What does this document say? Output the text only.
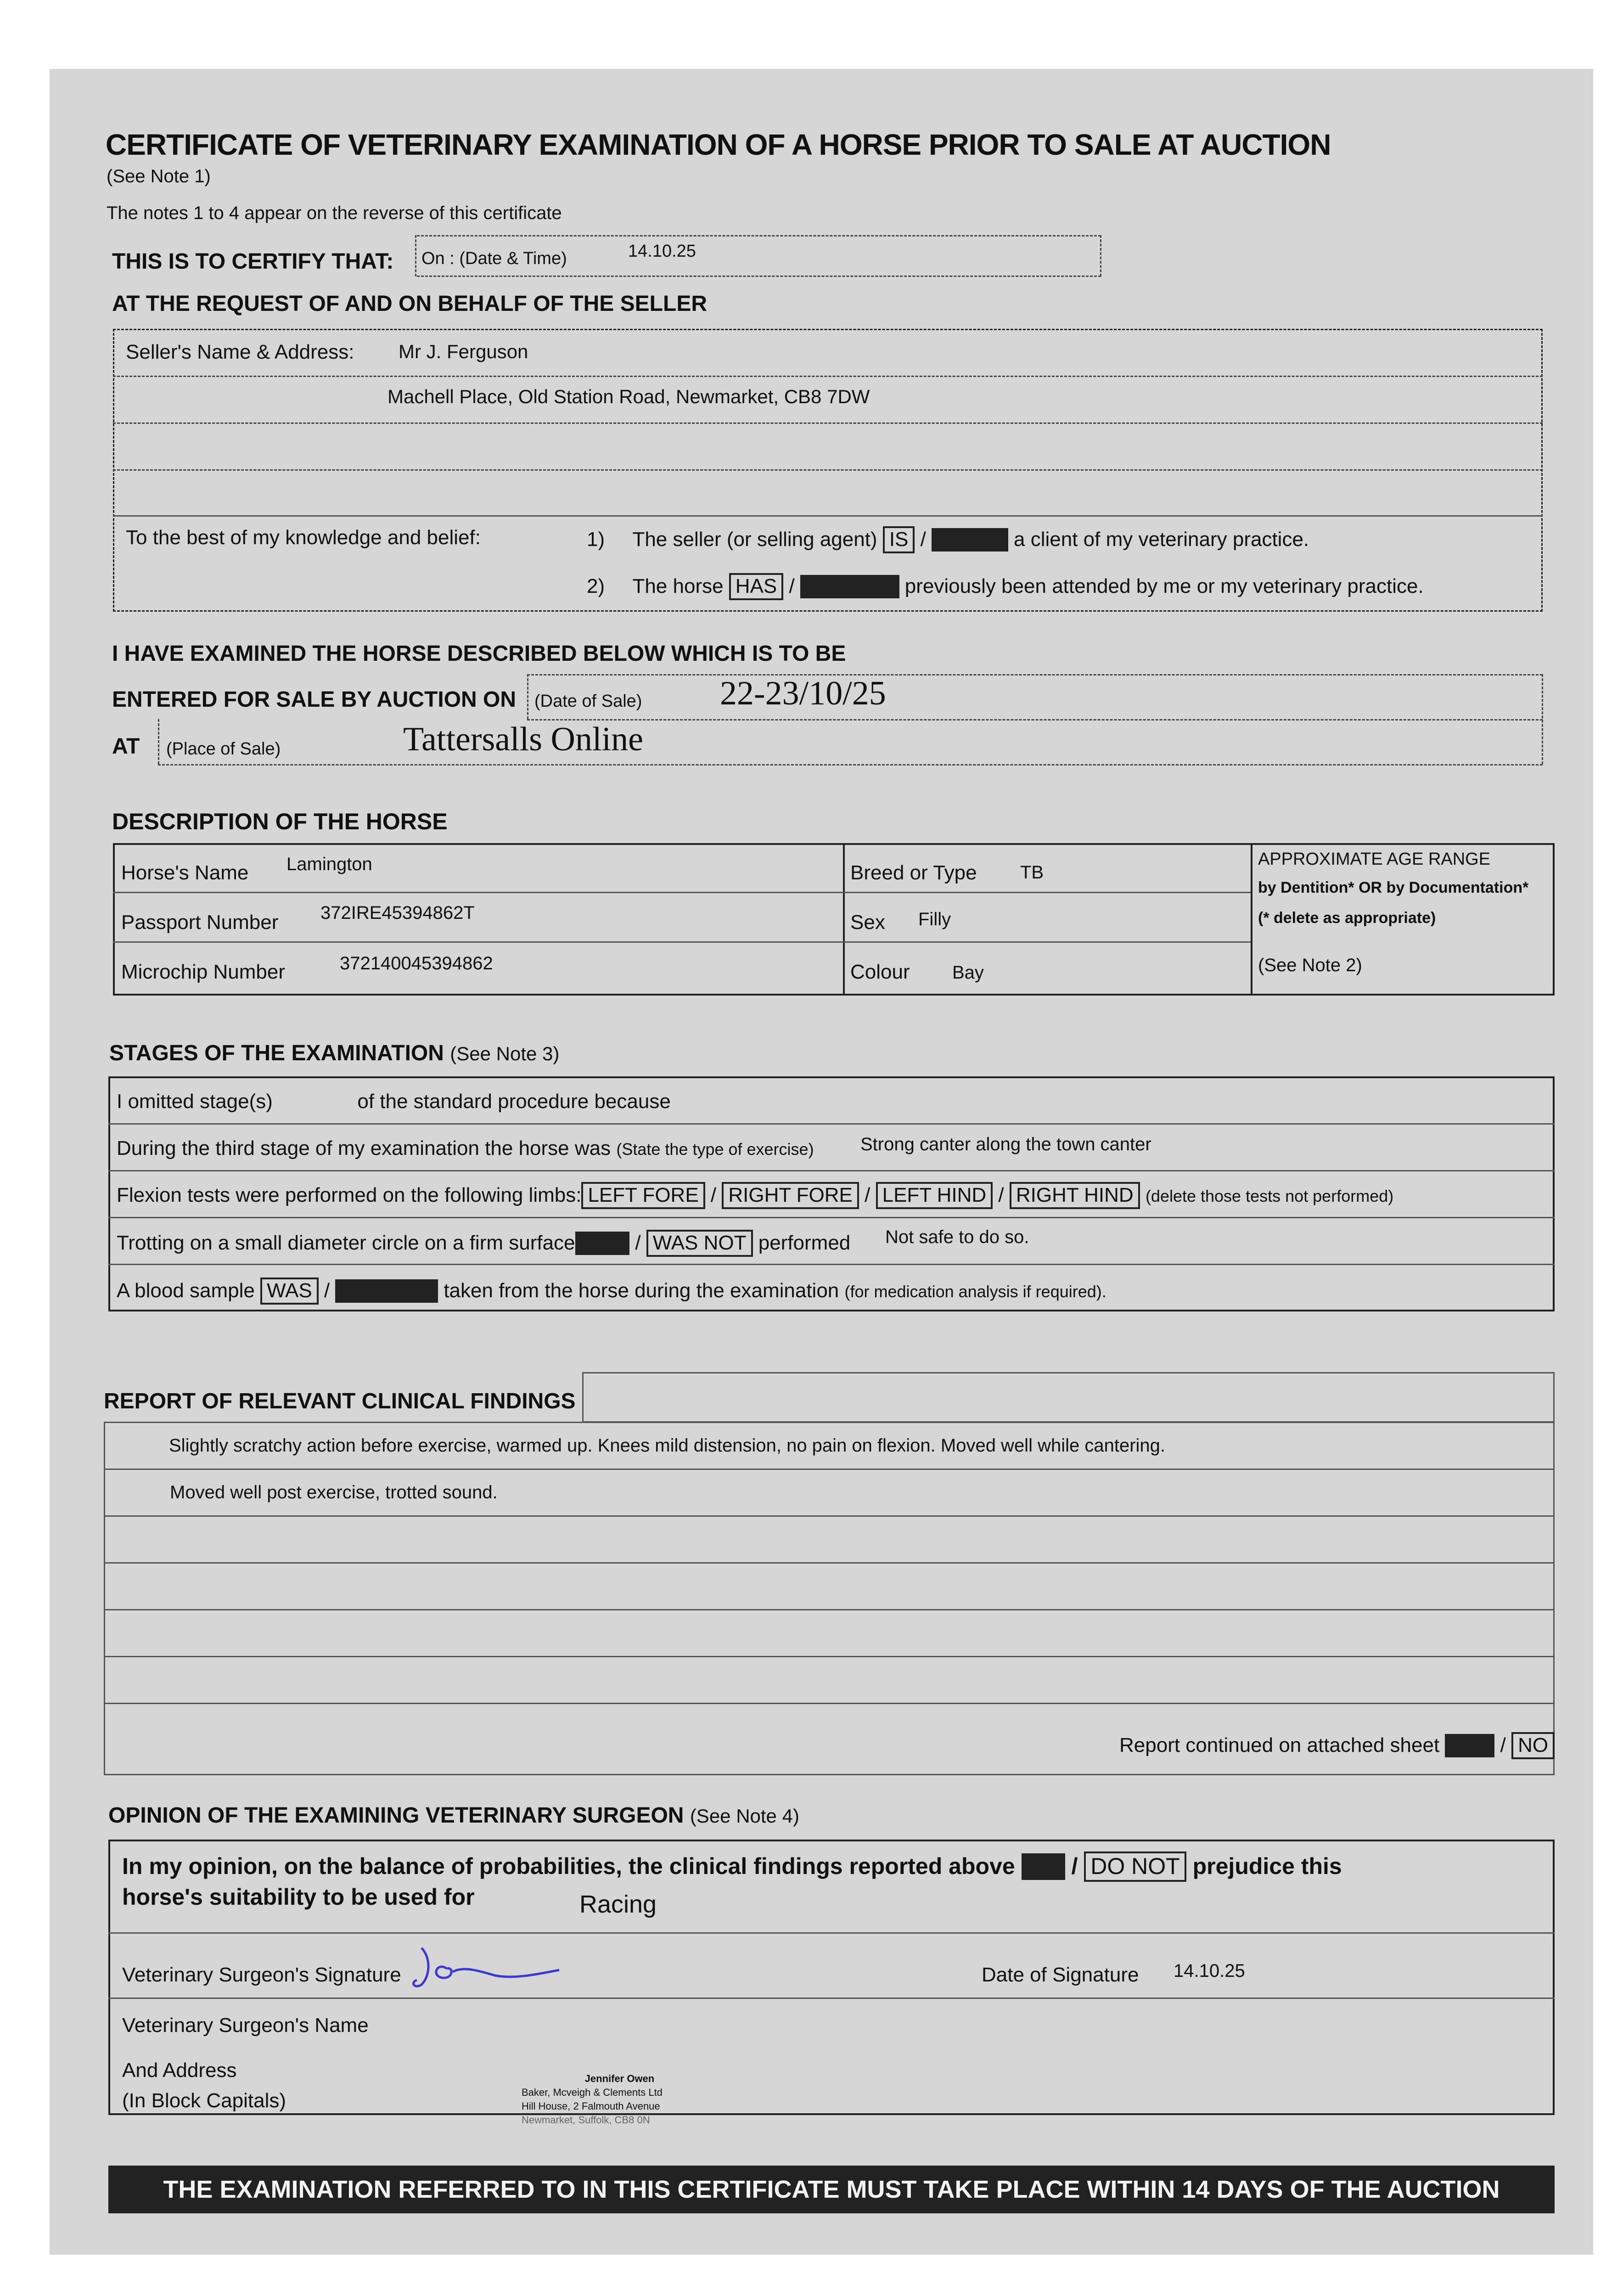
CERTIFICATE OF VETERINARY EXAMINATION OF A HORSE PRIOR TO SALE AT AUCTION
(See Note 1)
The notes 1 to 4 appear on the reverse of this certificate
THIS IS TO CERTIFY THAT: On : (Date & Time)	14.10.25
AT THE REQUEST OF AND ON BEHALF OF THE SELLER
Seller's Name & Address: Mr J. Ferguson
Machell Place, Old Station Road, Newmarket, CB8 7DW
To the best of my knowledge and belief:	1) The seller (or selling agent) IS / IS NOT a client of my veterinary practice.
2) The horse HAS / HAS NOT previously been attended by me or my veterinary practice.
I HAVE EXAMINED THE HORSE DESCRIBED BELOW WHICH IS TO BE
ENTERED FOR SALE BY AUCTION ON (Date of Sale) 22-23/10/25
AT (Place of Sale)	Tattersalls Online
DESCRIPTION OF THE HORSE
Horse's Name Lamington
Passport Number 372IRE45394862T
Microchip Number	372140045394862
Breed or Type TB
Sex Filly
Colour Bay
APPROXIMATE AGE RANGE
by Dentition* OR by Documentation*
(* delete as appropriate)
(See Note 2)
STAGES OF THE EXAMINATION (See Note 3)
I omitted stage(s)	of the standard procedure because
During the third stage of my examination the horse was (State the type of exercise)	Strong canter along the town canter
Flexion tests were performed on the following limbs: LEFT FORE / RIGHT FORE / LEFT HIND / RIGHT HIND (delete those tests not performed)
Trotting on a small diameter circle on a firm surface WAS / WAS NOT performed Not safe to do so.
A blood sample WAS / WAS NOT taken from the horse during the examination (for medication analysis if required).
REPORT OF RELEVANT CLINICAL FINDINGS
Slightly scratchy action before exercise, warmed up. Knees mild distension, no pain on flexion. Moved well while cantering.
Moved well post exercise, trotted sound.
Report continued on attached sheet YES / NO
OPINION OF THE EXAMINING VETERINARY SURGEON (See Note 4)
In my opinion, on the balance of probabilities, the clinical findings reported above DO / DO NOT prejudice this
horse's suitability to be used for	Racing
Veterinary Surgeon's Signature	Date of Signature 14.10.25
Veterinary Surgeon's Name
And Address
(In Block Capitals)
Jennifer Owen
Baker, Mcveigh & Clements Ltd
Hill House, 2 Falmouth Avenue
Newmarket, Suffolk, CB8 0N
THE EXAMINATION REFERRED TO IN THIS CERTIFICATE MUST TAKE PLACE WITHIN 14 DAYS OF THE AUCTION
